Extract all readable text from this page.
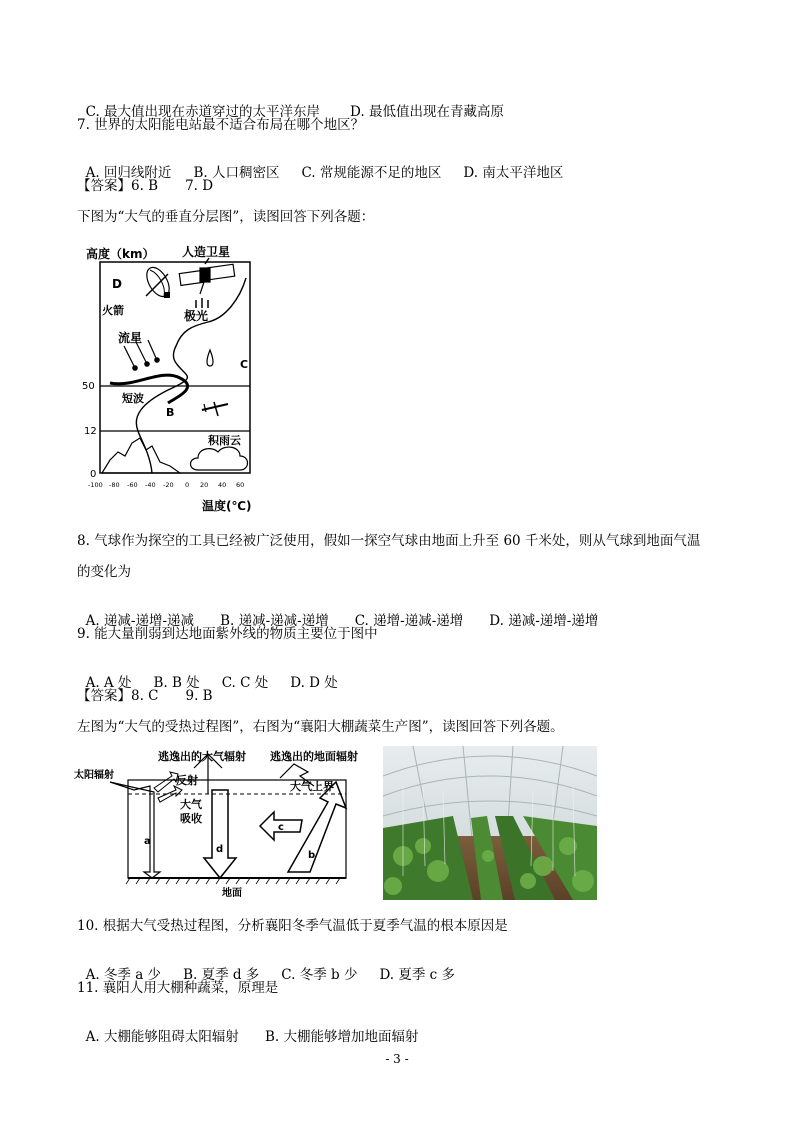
C. 最大值出现在赤道穿过的太平洋东岸 D. 最低值出现在青藏高原

7. 世界的太阳能电站最不适合布局在哪个地区？

A. 回归线附近 B. 人口稠密区 C. 常规能源不足的地区 D. 南太平洋地区

【答案】6. B　　7. D
下图为“大气的垂直分层图”，读图回答下列各题：
高度（km）
温度(℃)
50
12
0
-100 -80 -60 -40 -20 0 20 40 60
积雨云
B
短波
C
流星
极光
D
火箭
人造卫星
8. 气球作为探空的工具已经被广泛使用，假如一探空气球由地面上升至 60 千米处，则从气球到地面气温
的变化为

A. 递减-递增-递减 B. 递减-递减-递增 C. 递增-递减-递增 D. 递减-递增-递增

9. 能大量削弱到达地面紫外线的物质主要位于图中

A. A 处 B. B 处 C. C 处 D. D 处

【答案】8. C　　9. B
左图为“大气的受热过程图”，右图为“襄阳大棚蔬菜生产图”，读图回答下列各题。
逃逸出的大气辐射 逃逸出的地面辐射
太阳辐射	反射
大气
吸收
大气上界
地面
a
d
b
c
10. 根据大气受热过程图，分析襄阳冬季气温低于夏季气温的根本原因是

A. 冬季 a 少 B. 夏季 d 多 C. 冬季 b 少 D. 夏季 c 多

11. 襄阳人用大棚种蔬菜，原理是

A. 大棚能够阻碍太阳辐射 B. 大棚能够增加地面辐射

- 3 -
